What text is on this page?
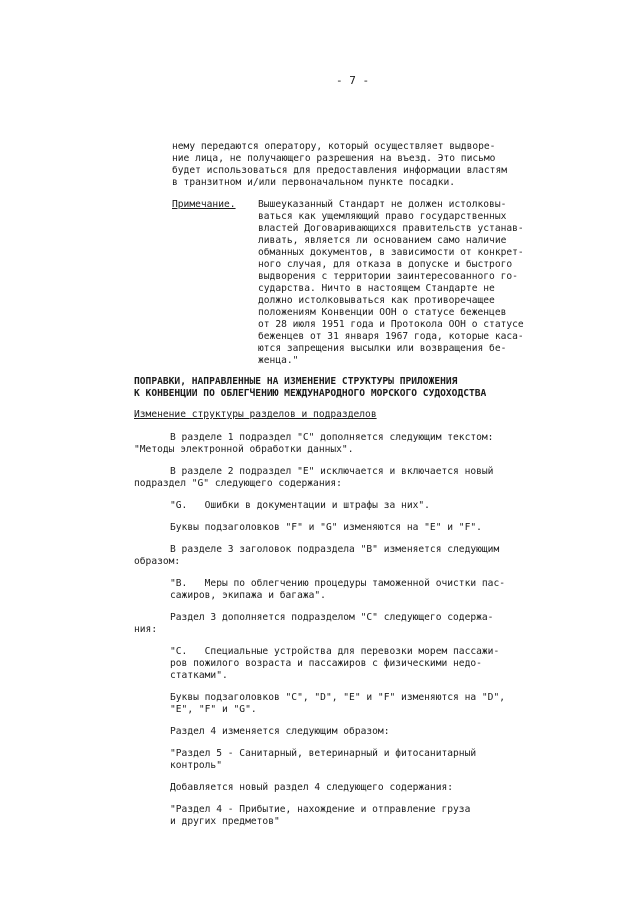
- 7 -
нему передаются оператору, который осуществляет выдворе-
ние лица, не получающего разрешения на въезд. Это письмо
будет использоваться для предоставления информации властям
в транзитном и/или первоначальном пункте посадки.
Примечание. Вышеуказанный Стандарт не должен истолковы-
ваться как ущемляющий право государственных
властей Договаривающихся правительств устанав-
ливать, является ли основанием само наличие
обманных документов, в зависимости от конкрет-
ного случая, для отказа в допуске и быстрого
выдворения с территории заинтересованного го-
сударства. Ничто в настоящем Стандарте не
должно истолковываться как противоречащее
положениям Конвенции ООН о статусе беженцев
от 28 июля 1951 года и Протокола ООН о статусе
беженцев от 31 января 1967 года, которые каса-
ются запрещения высылки или возвращения бе-
женца."
ПОПРАВКИ, НАПРАВЛЕННЫЕ НА ИЗМЕНЕНИЕ СТРУКТУРЫ ПРИЛОЖЕНИЯ
К КОНВЕНЦИИ ПО ОБЛЕГЧЕНИЮ МЕЖДУНАРОДНОГО МОРСКОГО СУДОХОДСТВА
Изменение структуры разделов и подразделов
В разделе 1 подраздел "C" дополняется следующим текстом:
"Методы электронной обработки данных".
В разделе 2 подраздел "E" исключается и включается новый
подраздел "G" следующего содержания:
"G.   Ошибки в документации и штрафы за них".
Буквы подзаголовков "F" и "G" изменяются на "E" и "F".
В разделе 3 заголовок подраздела "B" изменяется следующим
образом:
"B.   Меры по облегчению процедуры таможенной очистки пас-
сажиров, экипажа и багажа".
Раздел 3 дополняется подразделом "C" следующего содержа-
ния:
"C.   Специальные устройства для перевозки морем пассажи-
ров пожилого возраста и пассажиров с физическими недо-
статками".
Буквы подзаголовков "C", "D", "E" и "F" изменяются на "D",
"E", "F" и "G".
Раздел 4 изменяется следующим образом:
"Раздел 5 - Санитарный, ветеринарный и фитосанитарный
контроль"
Добавляется новый раздел 4 следующего содержания:
"Раздел 4 - Прибытие, нахождение и отправление груза
и других предметов"
